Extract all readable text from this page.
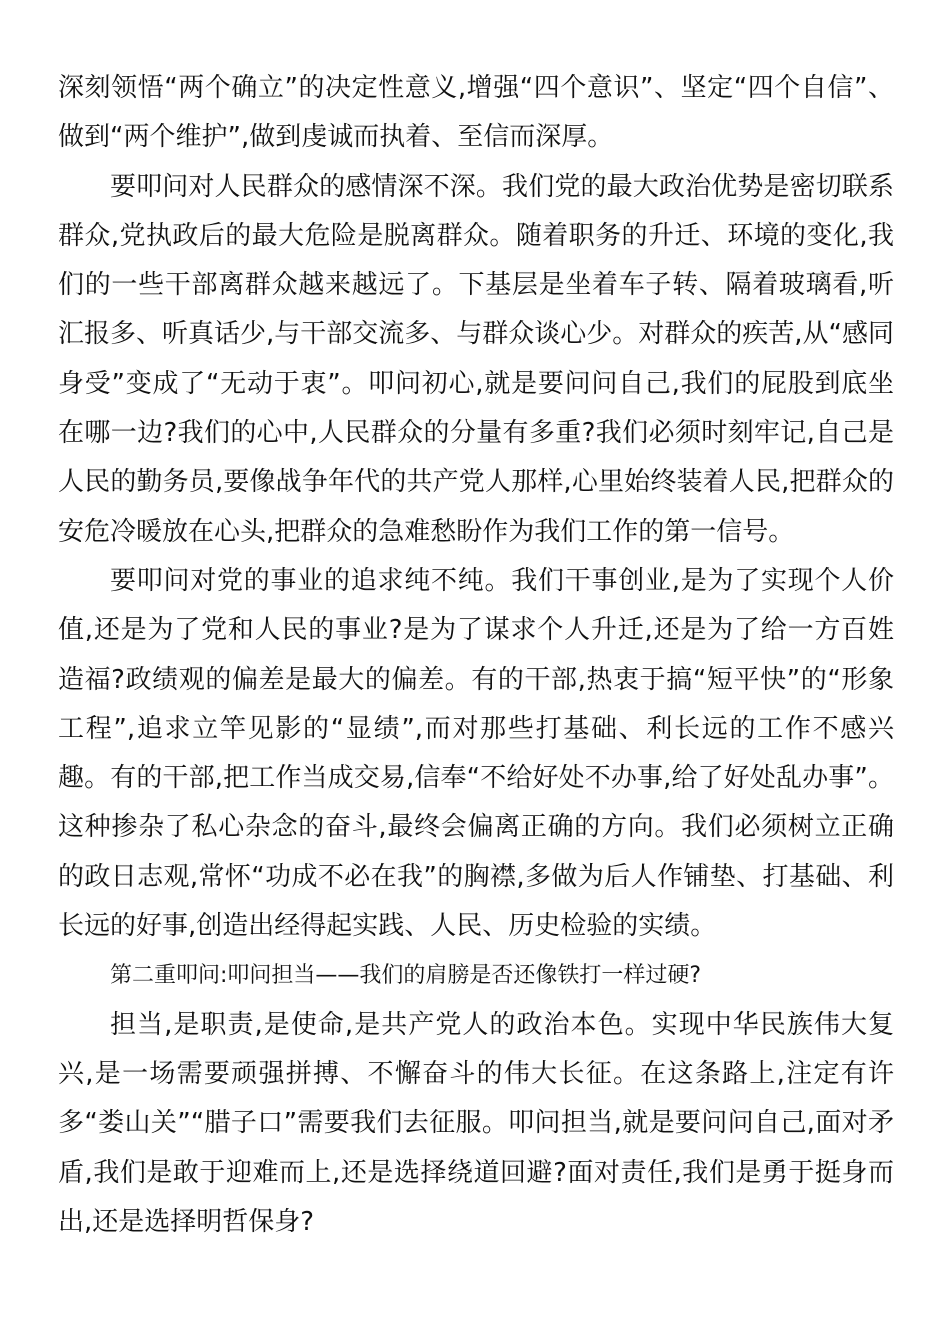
深刻领悟“两个确立”的决定性意义,增强“四个意识”、坚定“四个自信”、做到“两个维护”,做到虔诚而执着、至信而深厚。

要叩问对人民群众的感情深不深。我们党的最大政治优势是密切联系群众,党执政后的最大危险是脱离群众。随着职务的升迁、环境的变化,我们的一些干部离群众越来越远了。下基层是坐着车子转、隔着玻璃看,听汇报多、听真话少,与干部交流多、与群众谈心少。对群众的疾苦,从“感同身受”变成了“无动于衷”。叩问初心,就是要问问自己,我们的屁股到底坐在哪一边?我们的心中,人民群众的分量有多重?我们必须时刻牢记,自己是人民的勤务员,要像战争年代的共产党人那样,心里始终装着人民,把群众的安危冷暖放在心头,把群众的急难愁盼作为我们工作的第一信号。

要叩问对党的事业的追求纯不纯。我们干事创业,是为了实现个人价值,还是为了党和人民的事业?是为了谋求个人升迁,还是为了给一方百姓造福?政绩观的偏差是最大的偏差。有的干部,热衷于搞“短平快”的“形象工程”,追求立竿见影的“显绩”,而对那些打基础、利长远的工作不感兴趣。有的干部,把工作当成交易,信奉“不给好处不办事,给了好处乱办事”。这种掺杂了私心杂念的奋斗,最终会偏离正确的方向。我们必须树立正确的政日志观,常怀“功成不必在我”的胸襟,多做为后人作铺垫、打基础、利长远的好事,创造出经得起实践、人民、历史检验的实绩。

第二重叩问:叩问担当——我们的肩膀是否还像铁打一样过硬?

担当,是职责,是使命,是共产党人的政治本色。实现中华民族伟大复兴,是一场需要顽强拼搏、不懈奋斗的伟大长征。在这条路上,注定有许多“娄山关”“腊子口”需要我们去征服。叩问担当,就是要问问自己,面对矛盾,我们是敢于迎难而上,还是选择绕道回避?面对责任,我们是勇于挺身而出,还是选择明哲保身?
